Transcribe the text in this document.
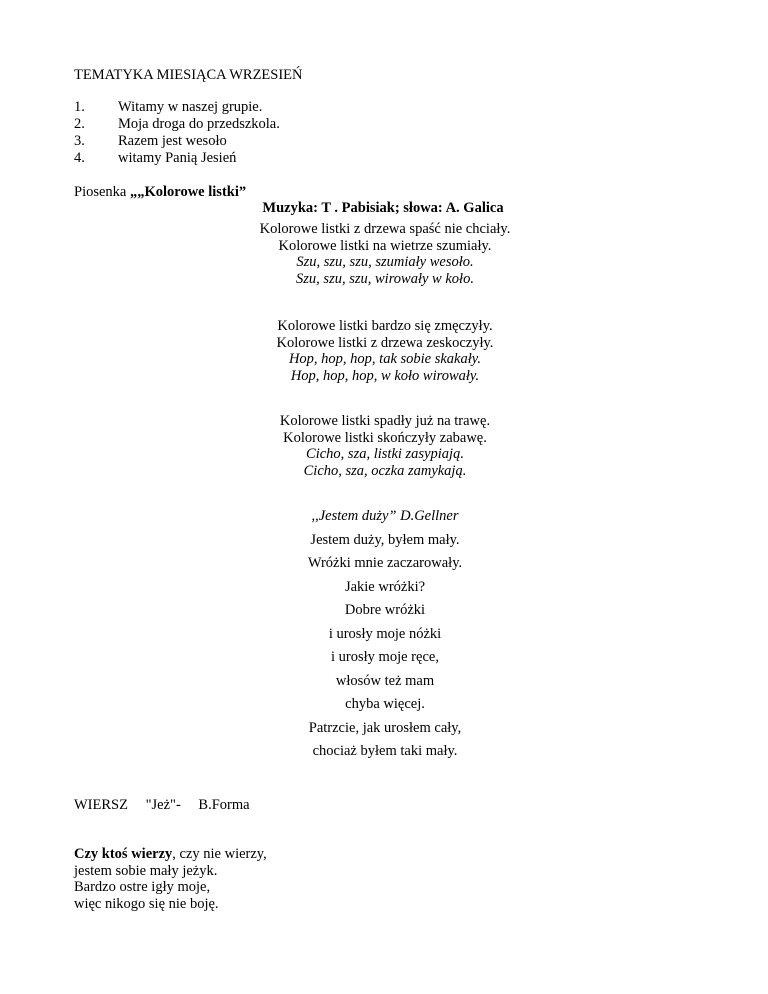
TEMATYKA MIESIĄCA WRZESIEŃ
1. Witamy w naszej grupie.
2. Moja droga do przedszkola.
3. Razem jest wesoło
4. witamy Panią Jesień
Piosenka „„Kolorowe listki”
Muzyka: T . Pabisiak; słowa: A. Galica
Kolorowe listki z drzewa spaść nie chciały.
Kolorowe listki na wietrze szumiały.
Szu, szu, szu, szumiały wesoło.
Szu, szu, szu, wirowały w koło.
Kolorowe listki bardzo się zmęczyły.
Kolorowe listki z drzewa zeskoczyły.
Hop, hop, hop, tak sobie skakały.
Hop, hop, hop, w koło wirowały.
Kolorowe listki spadły już na trawę.
Kolorowe listki skończyły zabawę.
Cicho, sza, listki zasypiają.
Cicho, sza, oczka zamykają.
,,Jestem duży” D.Gellner
Jestem duży, byłem mały.
Wróżki mnie zaczarowały.
Jakie wróżki?
Dobre wróżki
i urosły moje nóżki
i urosły moje ręce,
włosów też mam
chyba więcej.
Patrzcie, jak urosłem cały,
chociaż byłem taki mały.
WIERSZ "Jeż"- B.Forma
Czy ktoś wierzy, czy nie wierzy,
jestem sobie mały jeżyk.
Bardzo ostre igły moje,
więc nikogo się nie boję.
